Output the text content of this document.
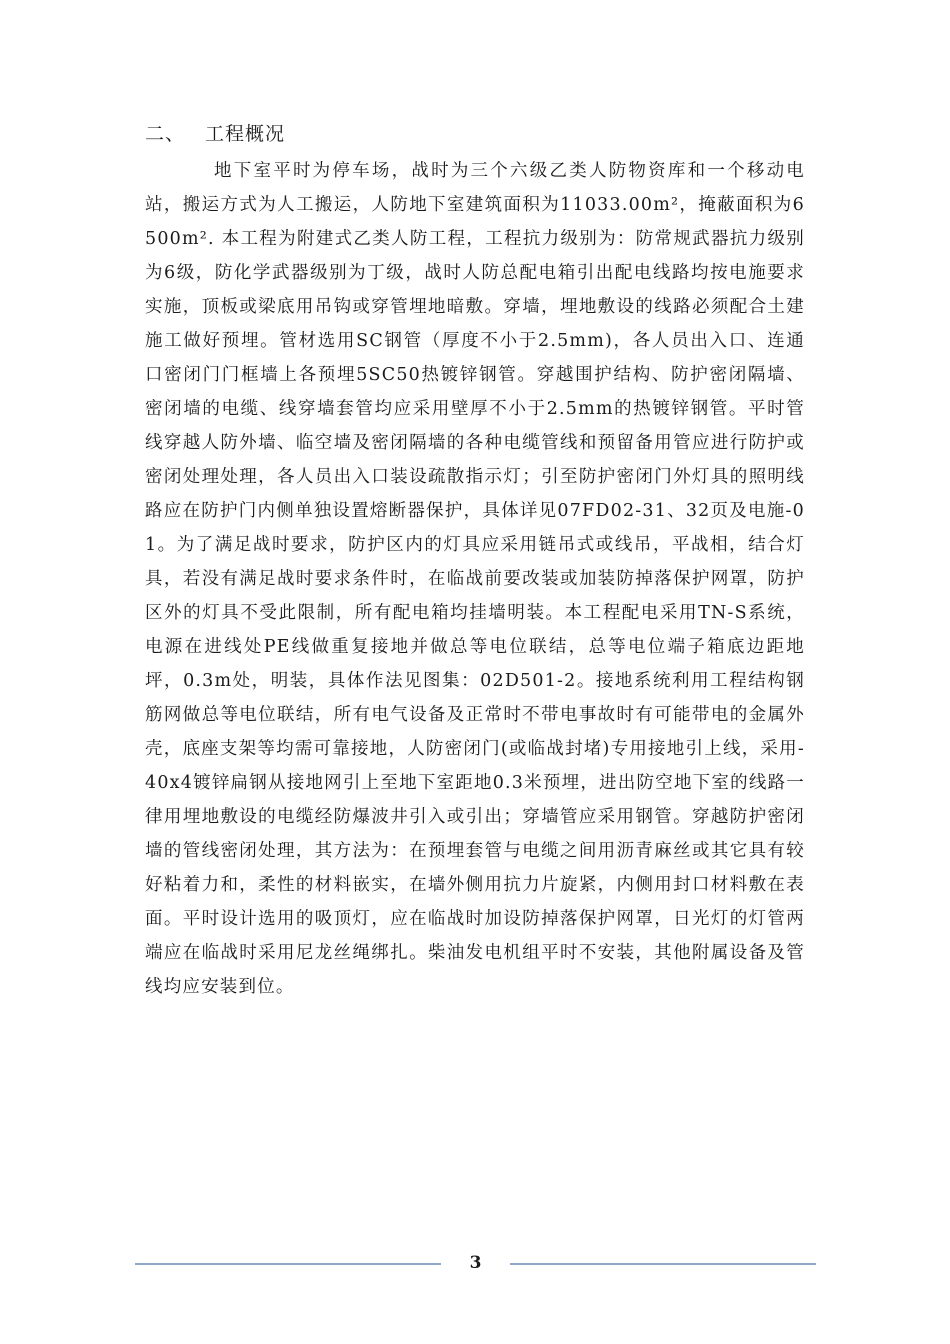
二、 工程概况

地下室平时为停车场，战时为三个六级乙类人防物资库和一个移动电站，搬运方式为人工搬运，人防地下室建筑面积为11033.00m²，掩蔽面积为6500m². 本工程为附建式乙类人防工程，工程抗力级别为：防常规武器抗力级别为6级，防化学武器级别为丁级，战时人防总配电箱引出配电线路均按电施要求实施，顶板或梁底用吊钩或穿管埋地暗敷。穿墙，埋地敷设的线路必须配合土建施工做好预埋。管材选用SC钢管（厚度不小于2.5mm)，各人员出入口、连通口密闭门门框墙上各预埋5SC50热镀锌钢管。穿越围护结构、防护密闭隔墙、密闭墙的电缆、线穿墙套管均应采用壁厚不小于2.5mm的热镀锌钢管。平时管线穿越人防外墙、临空墙及密闭隔墙的各种电缆管线和预留备用管应进行防护或密闭处理处理，各人员出入口装设疏散指示灯；引至防护密闭门外灯具的照明线路应在防护门内侧单独设置熔断器保护，具体详见07FD02-31、32页及电施-01。为了满足战时要求，防护区内的灯具应采用链吊式或线吊，平战相，结合灯具，若没有满足战时要求条件时，在临战前要改装或加装防掉落保护网罩，防护区外的灯具不受此限制，所有配电箱均挂墙明装。本工程配电采用TN-S系统，电源在进线处PE线做重复接地并做总等电位联结，总等电位端子箱底边距地坪，0.3m处，明装，具体作法见图集：02D501-2。接地系统利用工程结构钢筋网做总等电位联结，所有电气设备及正常时不带电事故时有可能带电的金属外壳，底座支架等均需可靠接地，人防密闭门(或临战封堵)专用接地引上线，采用-40x4镀锌扁钢从接地网引上至地下室距地0.3米预埋，进出防空地下室的线路一律用埋地敷设的电缆经防爆波井引入或引出；穿墙管应采用钢管。穿越防护密闭墙的管线密闭处理，其方法为：在预埋套管与电缆之间用沥青麻丝或其它具有较好粘着力和，柔性的材料嵌实，在墙外侧用抗力片旋紧，内侧用封口材料敷在表面。平时设计选用的吸顶灯，应在临战时加设防掉落保护网罩，日光灯的灯管两端应在临战时采用尼龙丝绳绑扎。柴油发电机组平时不安装，其他附属设备及管线均应安装到位。

3
